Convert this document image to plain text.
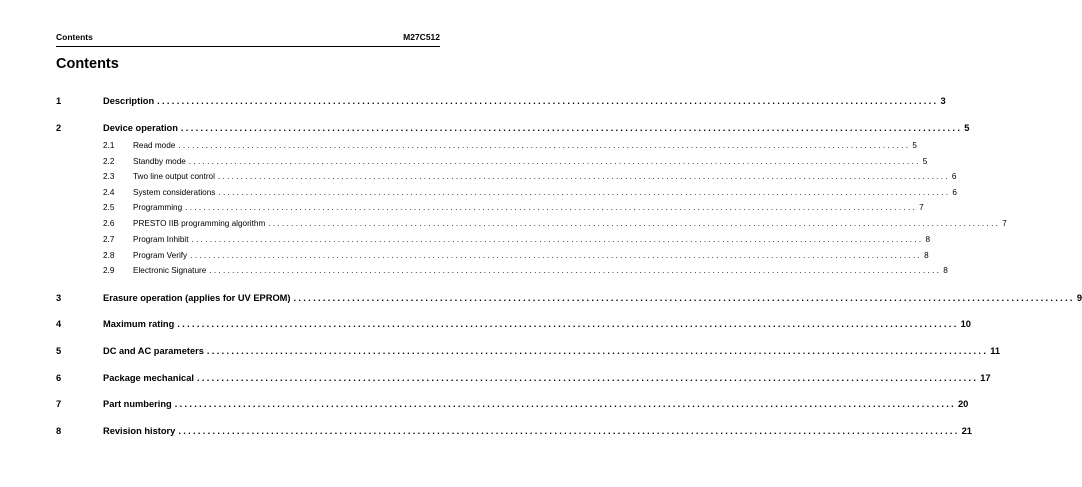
Contents	M27C512
Contents
1	Description ................................................................................................................................................................ 3
2	Device operation ................................................................................................................................................................ 5
2.1 Read mode ................................................................................................................................................................ 5
2.2 Standby mode ................................................................................................................................................................ 5
2.3 Two line output control ................................................................................................................................................................ 6
2.4 System considerations ................................................................................................................................................................ 6
2.5 Programming ................................................................................................................................................................ 7
2.6 PRESTO IIB programming algorithm ................................................................................................................................................................ 7
2.7 Program Inhibit ................................................................................................................................................................ 8
2.8 Program Verify ................................................................................................................................................................ 8
2.9 Electronic Signature ................................................................................................................................................................ 8
3	Erasure operation (applies for UV EPROM) ................................................................................................................................................................ 9
4	Maximum rating ................................................................................................................................................................ 10
5	DC and AC parameters ................................................................................................................................................................ 11
6	Package mechanical ................................................................................................................................................................ 17
7	Part numbering ................................................................................................................................................................ 20
8	Revision history ................................................................................................................................................................ 21
